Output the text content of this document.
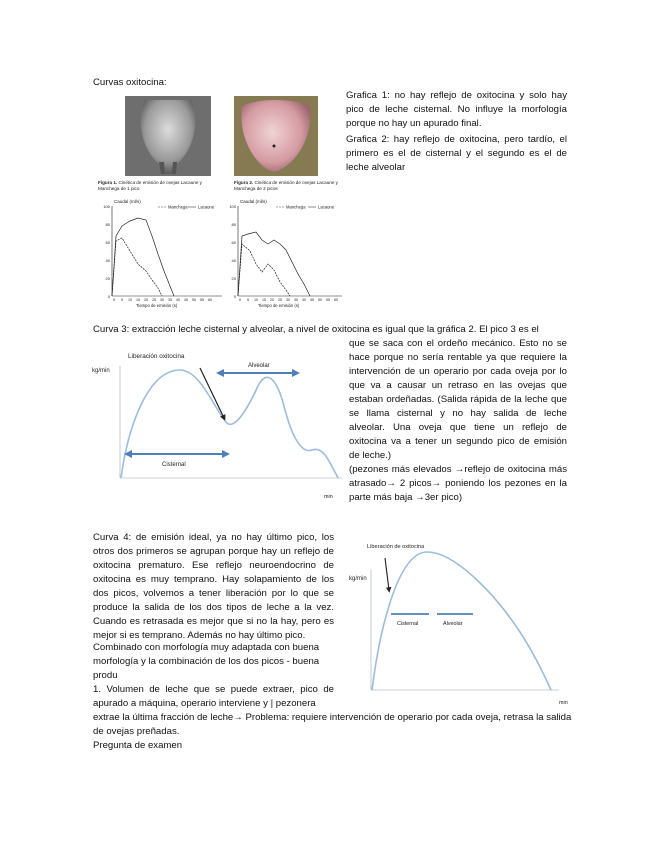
Curvas oxitocina:

Figura 1. Cinética de emisión de ovejas Lacaune y Manchega de 1 pico
Caudal (ml/s)
Manchega Lacaune
100
80
60
40
20
0
0 5 10 15 20 25 30 35 40 45 50 55 60
Tiempo de emisión (s)
Figura 2. Cinética de emisión de ovejas Lacaune y Manchega de 2 picos
Caudal (ml/s)
Manchega	Lacaune
100
80
60
40
20
0
0 5 10 15 20 25 30 35 40 45 50 55 60
Tiempo de emisión (s)

Grafica 1: no hay reflejo de oxitocina y solo hay pico de leche cisternal. No influye la morfología porque no hay un apurado final.

Grafica 2: hay reflejo de oxitocina, pero tardío, el primero es el de cisternal y el segundo es el de leche alveolar

Curva 3: extracción leche cisternal y alveolar, a nivel de oxitocina es igual que la gráfica 2. El pico 3 es el

Liberación oxitocina
kg/min
Alveolar
Cisternal
min

que se saca con el ordeño mecánico. Esto no se hace porque no sería rentable ya que requiere la intervención de un operario por cada oveja por lo que va a causar un retraso en las ovejas que estaban ordeñadas. (Salida rápida de la leche que se llama cisternal y no hay salida de leche alveolar. Una oveja que tiene un reflejo de oxitocina va a tener un segundo pico de emisión de leche.)

(pezones más elevados →reflejo de oxitocina más atrasado→ 2 picos→ poniendo los pezones en la parte más baja →3er pico)

Curva 4: de emisión ideal, ya no hay último pico, los otros dos primeros se agrupan porque hay un reflejo de oxitocina prematuro. Ese reflejo neuroendocrino de oxitocina es muy temprano. Hay solapamiento de los dos picos, volvemos a tener liberación por lo que se produce la salida de los dos tipos de leche a la vez. Cuando es retrasada es mejor que si no la hay, pero es mejor si es temprano. Además no hay último pico.

Combinado con morfología muy adaptada con buena morfología y la combinación de los dos picos - buena produ

1. Volumen de leche que se puede extraer, pico de apurado a máquina, operario interviene y | pezonera

extrae la última fracción de leche→ Problema: requiere intervención de operario por cada oveja, retrasa la salida de ovejas preñadas.

Pregunta de examen

Liberación de oxitocina
kg/min
Cisternal	Alveolar
min
